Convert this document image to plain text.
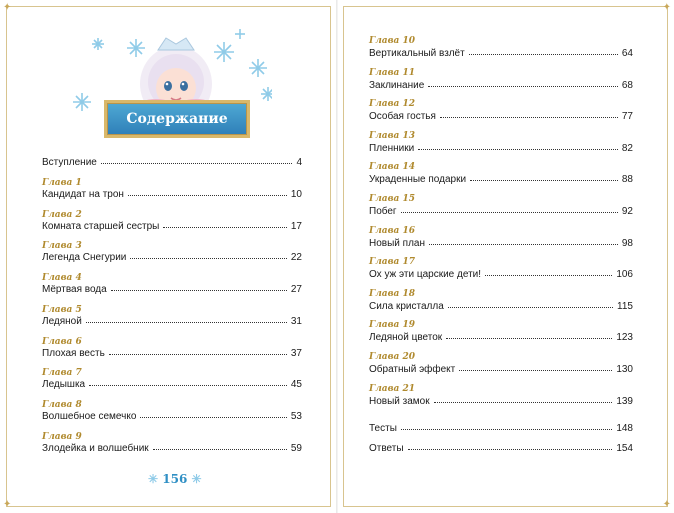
✦
✦
Содержание
Вступление	4
Глава 1
Кандидат на трон	10
Глава 2
Комната старшей сестры	17
Глава 3
Легенда Снегурии	22
Глава 4
Мёртвая вода	27
Глава 5
Ледяной	31
Глава 6
Плохая весть	37
Глава 7
Ледышка	45
Глава 8
Волшебное семечко	53
Глава 9
Злодейка и волшебник	59
✳ 156 ✳
✦
✦
Глава 10
Вертикальный взлёт	64
Глава 11
Заклинание	68
Глава 12
Особая гостья	77
Глава 13
Пленники	82
Глава 14
Украденные подарки	88
Глава 15
Побег	92
Глава 16
Новый план	98
Глава 17
Ох уж эти царские дети!	106
Глава 18
Сила кристалла	115
Глава 19
Ледяной цветок	123
Глава 20
Обратный эффект	130
Глава 21
Новый замок	139
Тесты	148
Ответы	154
